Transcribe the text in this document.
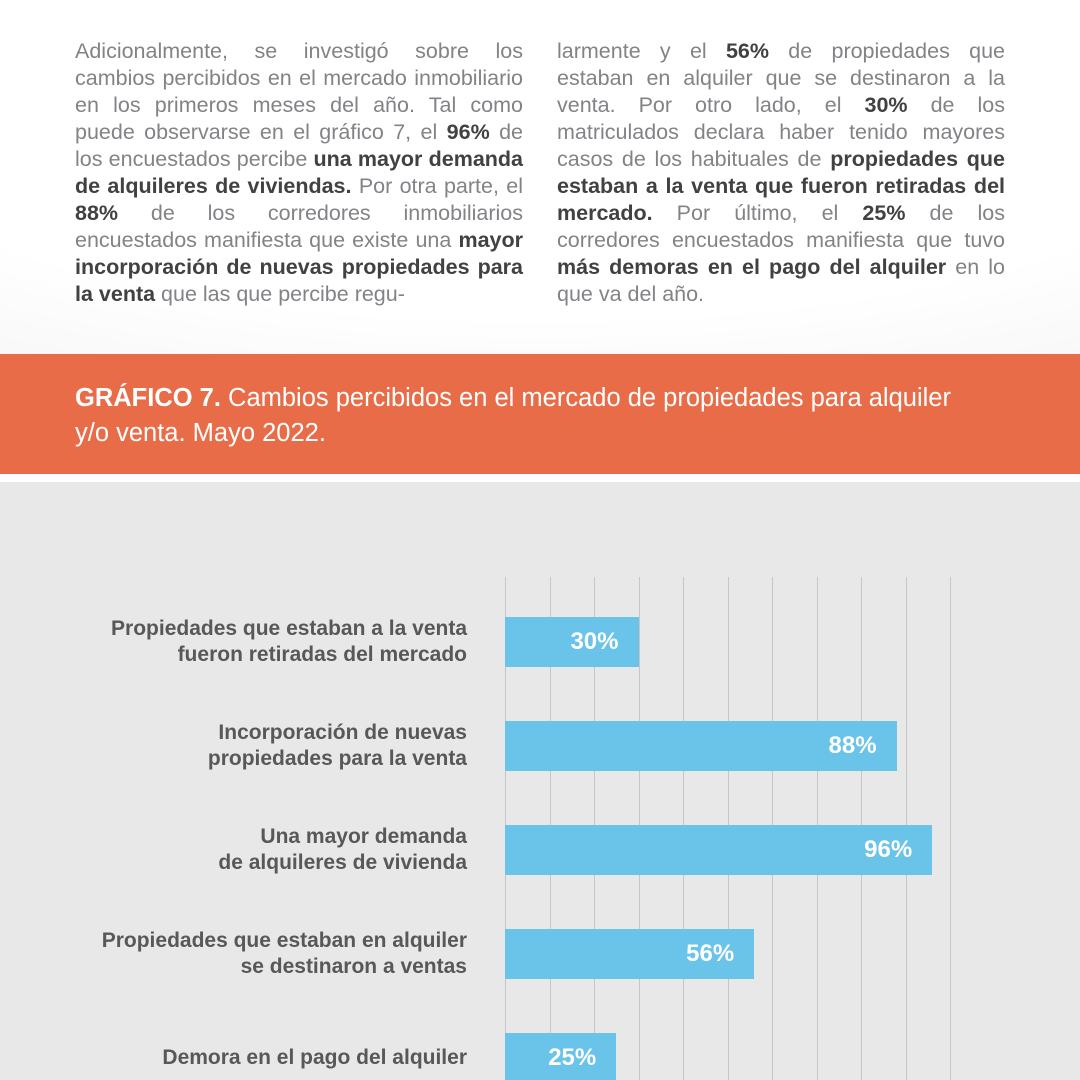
Adicionalmente, se investigó sobre los cambios percibidos en el mercado inmobiliario en los primeros meses del año. Tal como puede observarse en el gráfico 7, el 96% de los encuestados percibe una mayor demanda de alquileres de viviendas. Por otra parte, el 88% de los corredores inmobiliarios encuestados manifiesta que existe una mayor incorporación de nuevas propiedades para la venta que las que percibe regu-

larmente y el 56% de propiedades que estaban en alquiler que se destinaron a la venta. Por otro lado, el 30% de los matriculados declara haber tenido mayores casos de los habituales de propiedades que estaban a la venta que fueron retiradas del mercado. Por último, el 25% de los corredores encuestados manifiesta que tuvo más demoras en el pago del alquiler en lo que va del año.

GRÁFICO 7. Cambios percibidos en el mercado de propiedades para alquiler
y/o venta. Mayo 2022.
Propiedades que estaban a la venta
fueron retiradas del mercado	30%
Incorporación de nuevas
propiedades para la venta	88%
Una mayor demanda
de alquileres de vivienda	96%
Propiedades que estaban en alquiler
se destinaron a ventas	56%
Demora en el pago del alquiler	25%
